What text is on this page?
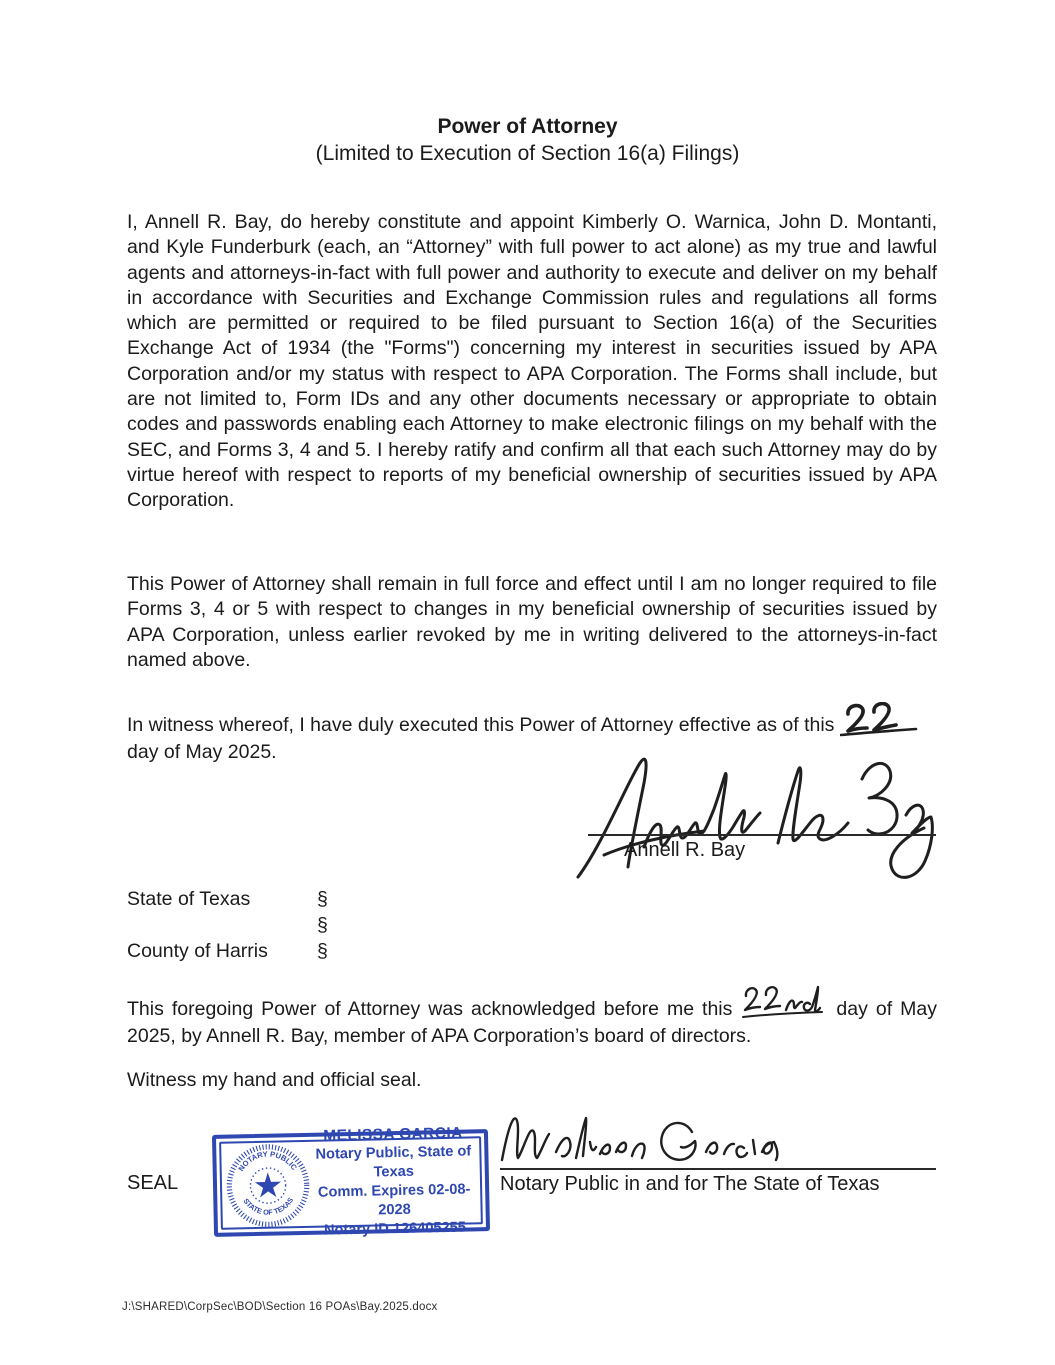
Power of Attorney
(Limited to Execution of Section 16(a) Filings)
I, Annell R. Bay, do hereby constitute and appoint Kimberly O. Warnica, John D. Montanti, and Kyle Funderburk (each, an “Attorney” with full power to act alone) as my true and lawful agents and attorneys-in-fact with full power and authority to execute and deliver on my behalf in accordance with Securities and Exchange Commission rules and regulations all forms which are permitted or required to be filed pursuant to Section 16(a) of the Securities Exchange Act of 1934 (the "Forms") concerning my interest in securities issued by APA Corporation and/or my status with respect to APA Corporation. The Forms shall include, but are not limited to, Form IDs and any other documents necessary or appropriate to obtain codes and passwords enabling each Attorney to make electronic filings on my behalf with the SEC, and Forms 3, 4 and 5. I hereby ratify and confirm all that each such Attorney may do by virtue hereof with respect to reports of my beneficial ownership of securities issued by APA Corporation.
This Power of Attorney shall remain in full force and effect until I am no longer required to file Forms 3, 4 or 5 with respect to changes in my beneficial ownership of securities issued by APA Corporation, unless earlier revoked by me in writing delivered to the attorneys-in-fact named above.
In witness whereof, I have duly executed this Power of Attorney effective as of this
day of May 2025.
Annell R. Bay
State of Texas	§
§
County of Harris	§
This foregoing Power of Attorney was acknowledged before me this	day of May 2025, by Annell R. Bay, member of APA Corporation’s board of directors.
Witness my hand and official seal.
SEAL
NOTARY PUBLIC
STATE OF TEXAS
MELISSA GARCIA
Notary Public, State of Texas
Comm. Expires 02-08-2028
Notary ID 126405255
Notary Public in and for The State of Texas
J:\SHARED\CorpSec\BOD\Section 16 POAs\Bay.2025.docx
